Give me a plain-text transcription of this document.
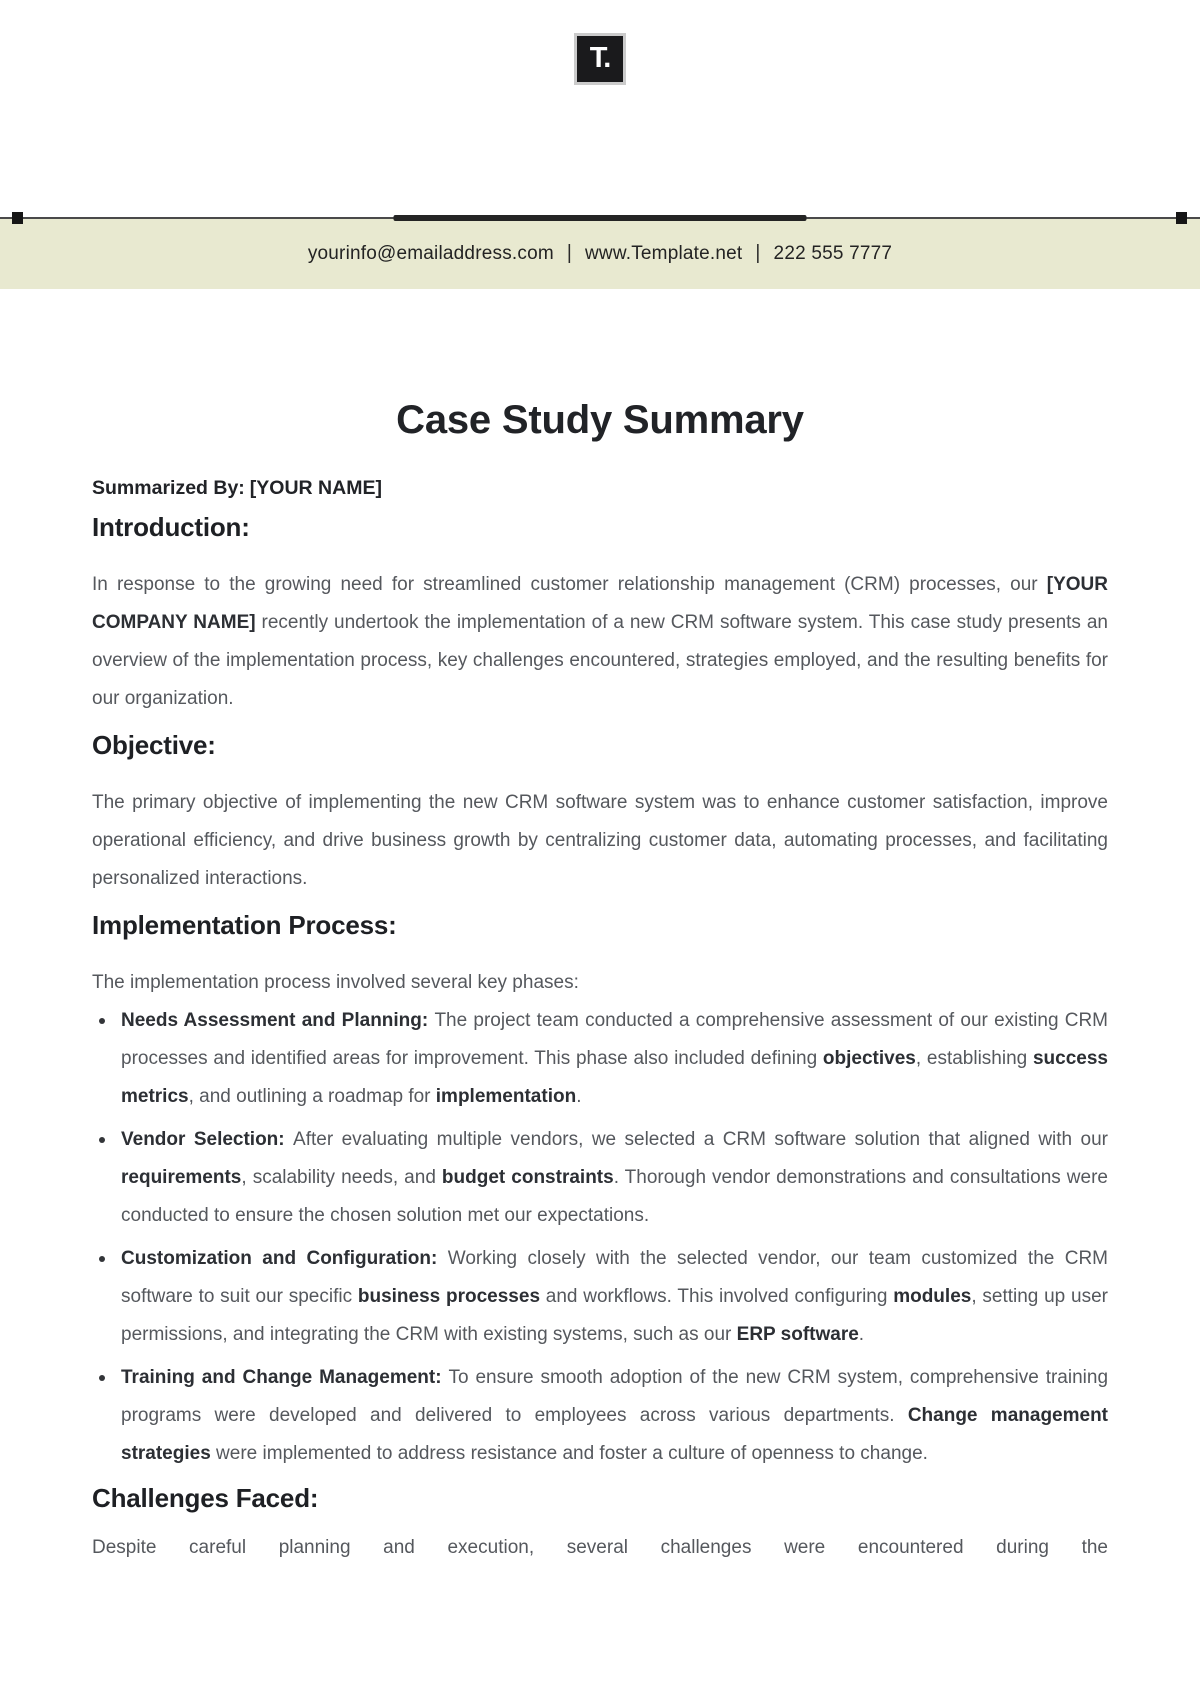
T.
yourinfo@emailaddress.com | www.Template.net | 222 555 7777
Case Study Summary

Summarized By: [YOUR NAME]

Introduction:

In response to the growing need for streamlined customer relationship management (CRM) processes, our [YOUR COMPANY NAME] recently undertook the implementation of a new CRM software system. This case study presents an overview of the implementation process, key challenges encountered, strategies employed, and the resulting benefits for our organization.

Objective:

The primary objective of implementing the new CRM software system was to enhance customer satisfaction, improve operational efficiency, and drive business growth by centralizing customer data, automating processes, and facilitating personalized interactions.

Implementation Process:

The implementation process involved several key phases:

Needs Assessment and Planning: The project team conducted a comprehensive assessment of our existing CRM processes and identified areas for improvement. This phase also included defining objectives, establishing success metrics, and outlining a roadmap for implementation.
Vendor Selection: After evaluating multiple vendors, we selected a CRM software solution that aligned with our requirements, scalability needs, and budget constraints. Thorough vendor demonstrations and consultations were conducted to ensure the chosen solution met our expectations.
Customization and Configuration: Working closely with the selected vendor, our team customized the CRM software to suit our specific business processes and workflows. This involved configuring modules, setting up user permissions, and integrating the CRM with existing systems, such as our ERP software.
Training and Change Management: To ensure smooth adoption of the new CRM system, comprehensive training programs were developed and delivered to employees across various departments. Change management strategies were implemented to address resistance and foster a culture of openness to change.
Challenges Faced:

Despite careful planning and execution, several challenges were encountered during the
